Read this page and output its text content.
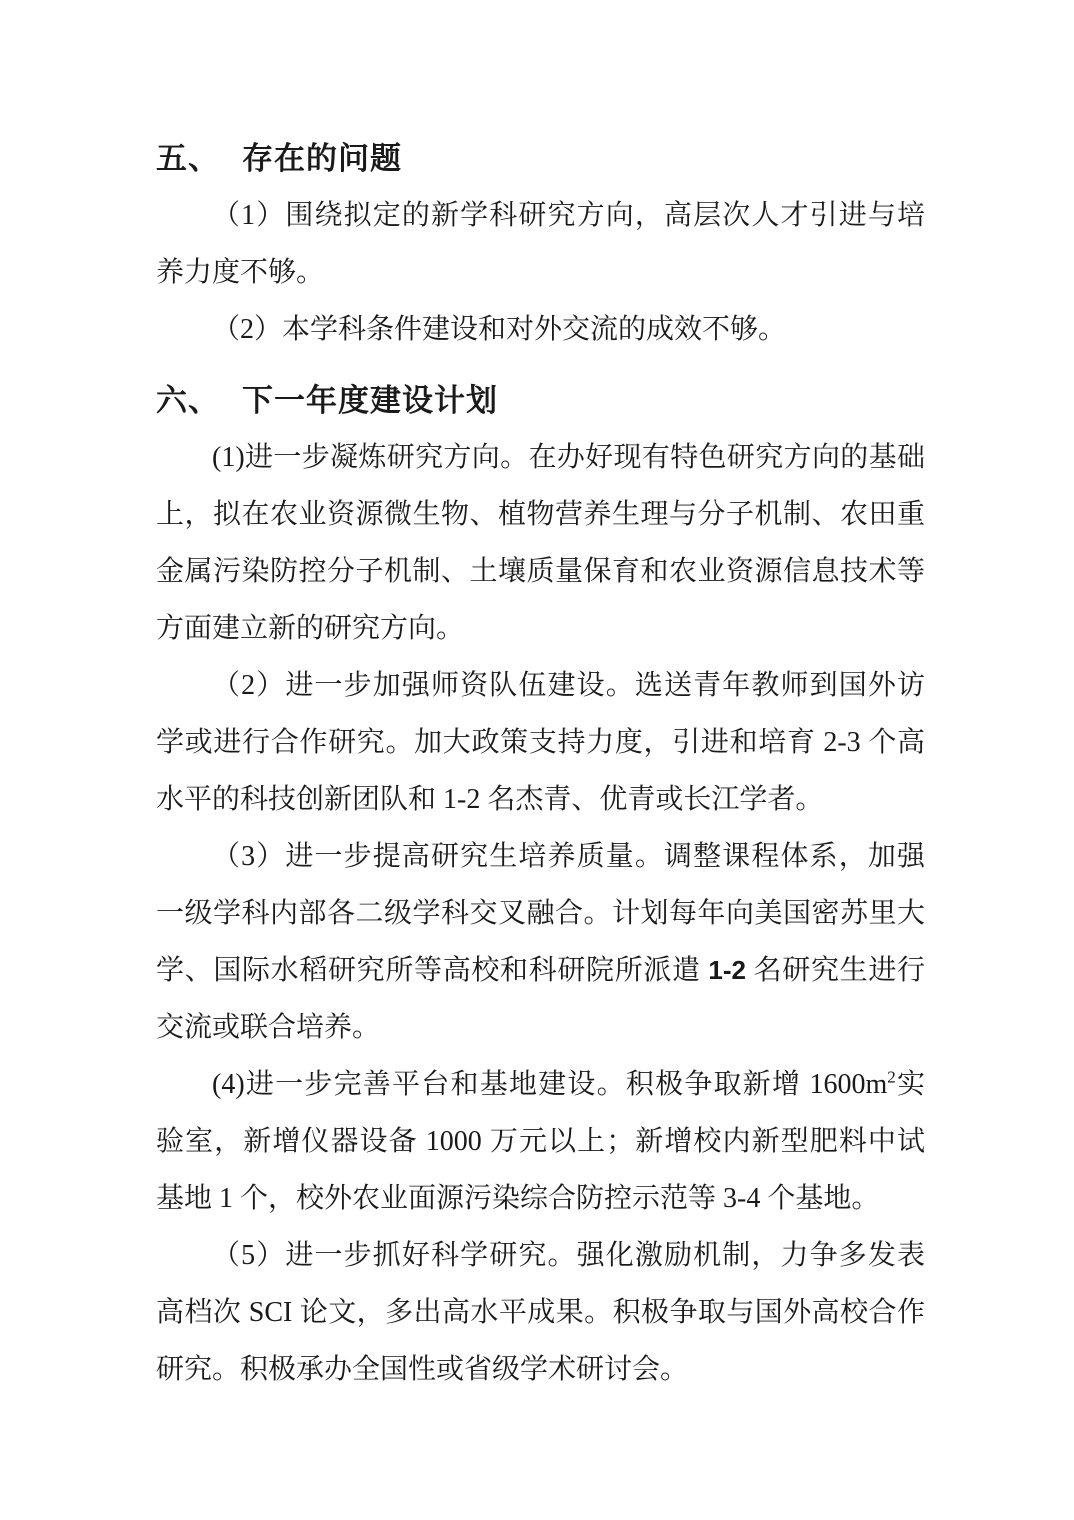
五、 存在的问题

（1）围绕拟定的新学科研究方向，高层次人才引进与培养力度不够。

（2）本学科条件建设和对外交流的成效不够。

六、 下一年度建设计划

(1)进一步凝炼研究方向。在办好现有特色研究方向的基础上，拟在农业资源微生物、植物营养生理与分子机制、农田重金属污染防控分子机制、土壤质量保育和农业资源信息技术等方面建立新的研究方向。

（2）进一步加强师资队伍建设。选送青年教师到国外访学或进行合作研究。加大政策支持力度，引进和培育 2-3 个高水平的科技创新团队和 1-2 名杰青、优青或长江学者。

（3）进一步提高研究生培养质量。调整课程体系，加强一级学科内部各二级学科交叉融合。计划每年向美国密苏里大学、国际水稻研究所等高校和科研院所派遣 1-2 名研究生进行交流或联合培养。

(4)进一步完善平台和基地建设。积极争取新增 $1600m^2$实验室，新增仪器设备 1000 万元以上；新增校内新型肥料中试基地 1 个，校外农业面源污染综合防控示范等 3-4 个基地。

（5）进一步抓好科学研究。强化激励机制，力争多发表高档次 SCI 论文，多出高水平成果。积极争取与国外高校合作研究。积极承办全国性或省级学术研讨会。
